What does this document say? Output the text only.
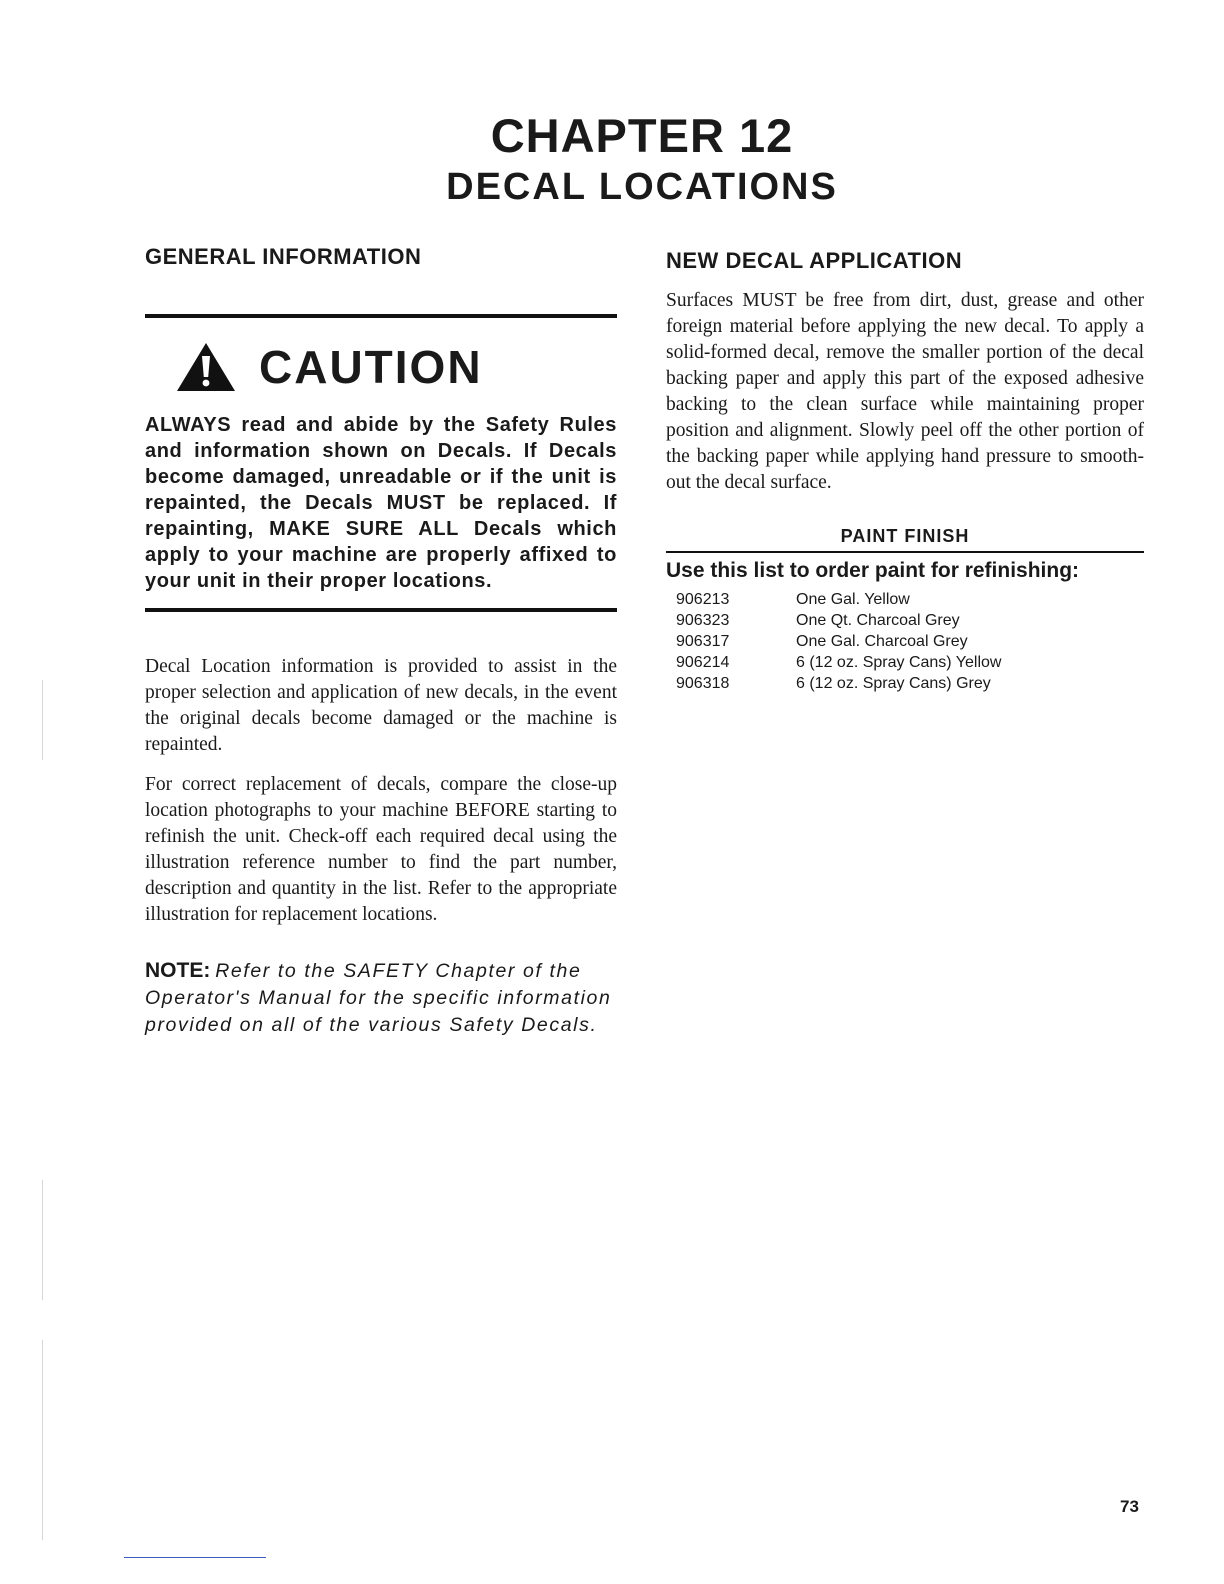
CHAPTER 12
DECAL LOCATIONS
GENERAL INFORMATION
CAUTION

ALWAYS read and abide by the Safety Rules and information shown on Decals. If Decals become damaged, unreadable or if the unit is repainted, the Decals MUST be replaced. If repainting, MAKE SURE ALL Decals which apply to your machine are properly affixed to your unit in their proper locations.

Decal Location information is provided to assist in the proper selection and application of new decals, in the event the original decals become damaged or the machine is repainted.

For correct replacement of decals, compare the close-up location photographs to your machine BEFORE starting to refinish the unit. Check-off each required decal using the illustration reference number to find the part number, description and quantity in the list. Refer to the appropriate illustration for replacement locations.

NOTE: Refer to the SAFETY Chapter of the Operator's Manual for the specific information provided on all of the various Safety Decals.

NEW DECAL APPLICATION

Surfaces MUST be free from dirt, dust, grease and other foreign material before applying the new decal. To apply a solid-formed decal, remove the smaller portion of the decal backing paper and apply this part of the exposed adhesive backing to the clean surface while maintaining proper position and alignment. Slowly peel off the other portion of the backing paper while applying hand pressure to smooth-out the decal surface.

PAINT FINISH
Use this list to order paint for refinishing:
906213	One Gal. Yellow
906323	One Qt. Charcoal Grey
906317	One Gal. Charcoal Grey
906214	6 (12 oz. Spray Cans) Yellow
906318	6 (12 oz. Spray Cans) Grey

73
